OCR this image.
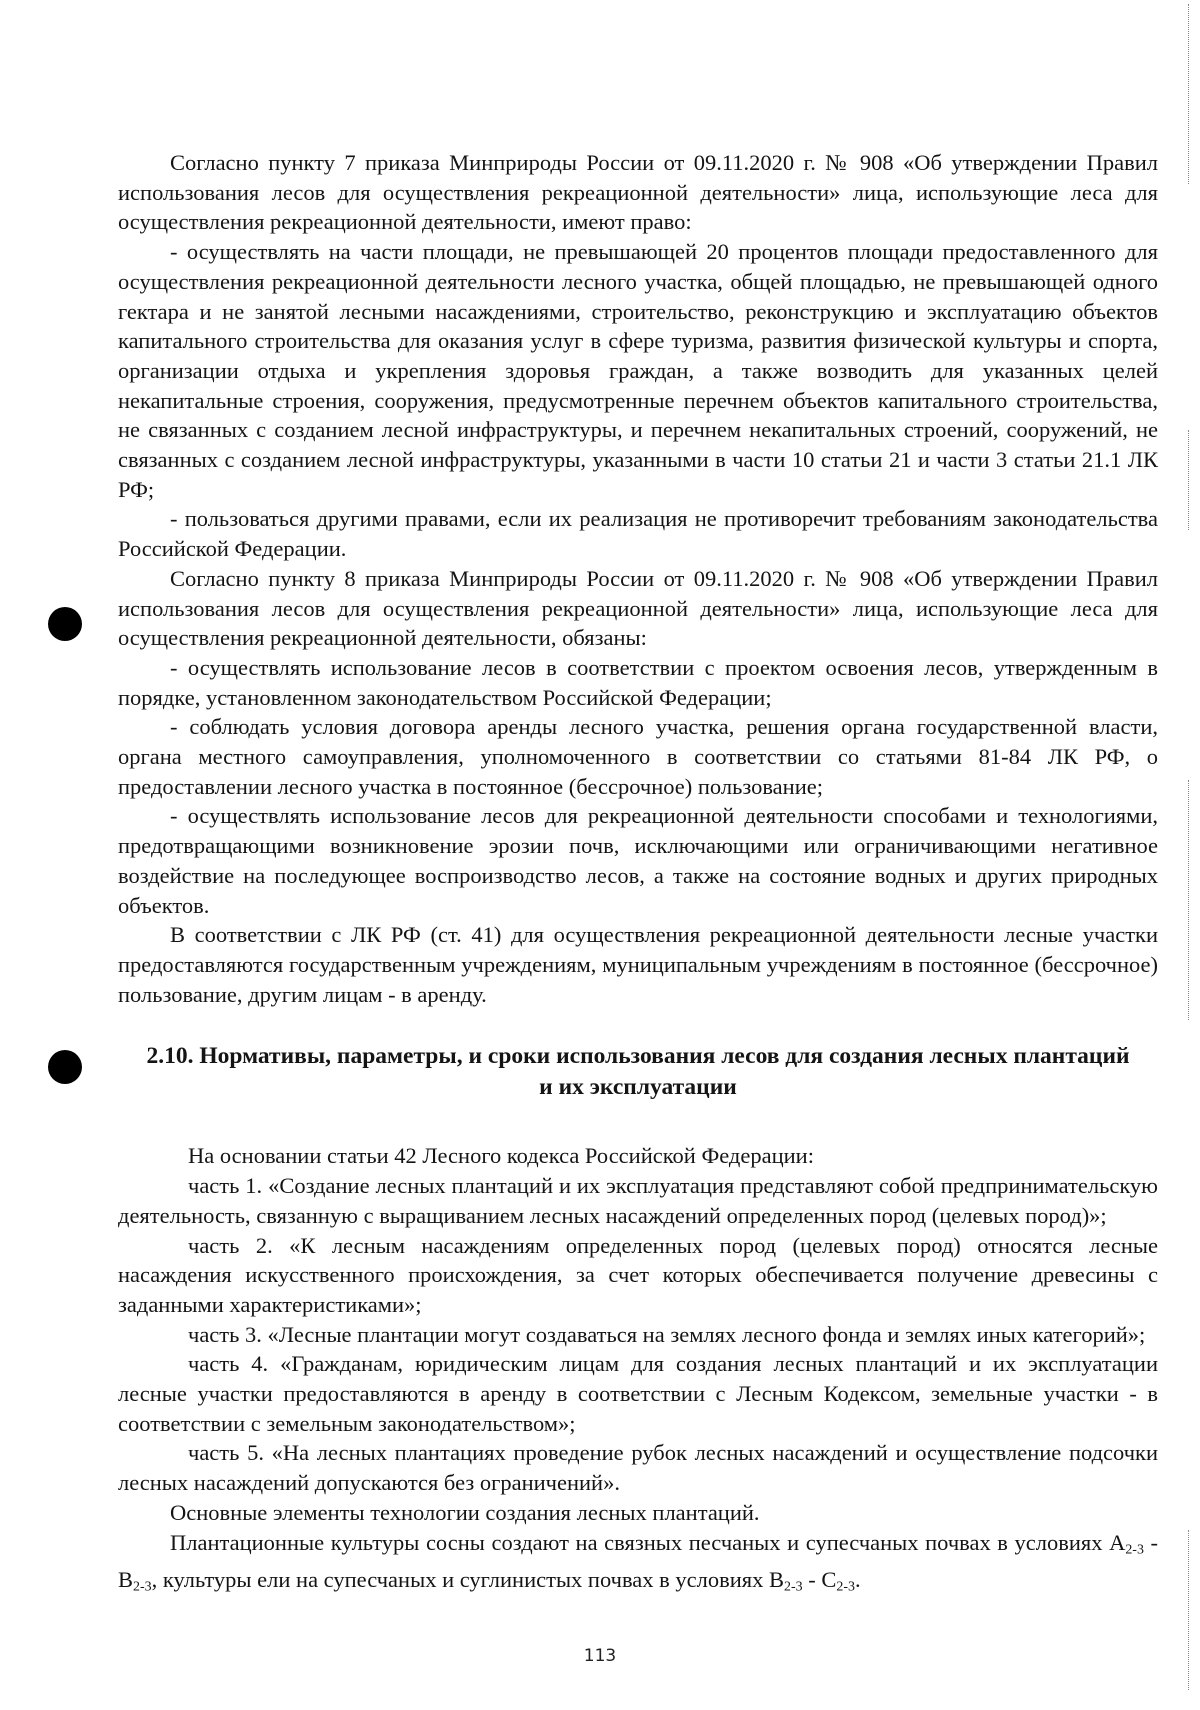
Согласно пункту 7 приказа Минприроды России от 09.11.2020 г. № 908 «Об утверждении Правил использования лесов для осуществления рекреационной деятельности» лица, использующие леса для осуществления рекреационной деятельности, имеют право:

- осуществлять на части площади, не превышающей 20 процентов площади предоставленного для осуществления рекреационной деятельности лесного участка, общей площадью, не превышающей одного гектара и не занятой лесными насаждениями, строительство, реконструкцию и эксплуатацию объектов капитального строительства для оказания услуг в сфере туризма, развития физической культуры и спорта, организации отдыха и укрепления здоровья граждан, а также возводить для указанных целей некапитальные строения, сооружения, предусмотренные перечнем объектов капитального строительства, не связанных с созданием лесной инфраструктуры, и перечнем некапитальных строений, сооружений, не связанных с созданием лесной инфраструктуры, указанными в части 10 статьи 21 и части 3 статьи 21.1 ЛК РФ;

- пользоваться другими правами, если их реализация не противоречит требованиям законодательства Российской Федерации.

Согласно пункту 8 приказа Минприроды России от 09.11.2020 г. № 908 «Об утверждении Правил использования лесов для осуществления рекреационной деятельности» лица, использующие леса для осуществления рекреационной деятельности, обязаны:

- осуществлять использование лесов в соответствии с проектом освоения лесов, утвержденным в порядке, установленном законодательством Российской Федерации;

- соблюдать условия договора аренды лесного участка, решения органа государственной власти, органа местного самоуправления, уполномоченного в соответствии со статьями 81-84 ЛК РФ, о предоставлении лесного участка в постоянное (бессрочное) пользование;

- осуществлять использование лесов для рекреационной деятельности способами и технологиями, предотвращающими возникновение эрозии почв, исключающими или ограничивающими негативное воздействие на последующее воспроизводство лесов, а также на состояние водных и других природных объектов.

В соответствии с ЛК РФ (ст. 41) для осуществления рекреационной деятельности лесные участки предоставляются государственным учреждениям, муниципальным учреждениям в постоянное (бессрочное) пользование, другим лицам - в аренду.

2.10. Нормативы, параметры, и сроки использования лесов для создания лесных плантаций и их эксплуатации

На основании статьи 42 Лесного кодекса Российской Федерации:

часть 1. «Создание лесных плантаций и их эксплуатация представляют собой предпринимательскую деятельность, связанную с выращиванием лесных насаждений определенных пород (целевых пород)»;

часть 2. «К лесным насаждениям определенных пород (целевых пород) относятся лесные насаждения искусственного происхождения, за счет которых обеспечивается получение древесины с заданными характеристиками»;

часть 3. «Лесные плантации могут создаваться на землях лесного фонда и землях иных категорий»;

часть 4. «Гражданам, юридическим лицам для создания лесных плантаций и их эксплуатации лесные участки предоставляются в аренду в соответствии с Лесным Кодексом, земельные участки - в соответствии с земельным законодательством»;

часть 5. «На лесных плантациях проведение рубок лесных насаждений и осуществление подсочки лесных насаждений допускаются без ограничений».

Основные элементы технологии создания лесных плантаций.

Плантационные культуры сосны создают на связных песчаных и супесчаных почвах в условиях $А_{2-3} - В_{2-3}$, культуры ели на супесчаных и суглинистых почвах в условиях $В_{2-3} - С_{2-3}$.

113
